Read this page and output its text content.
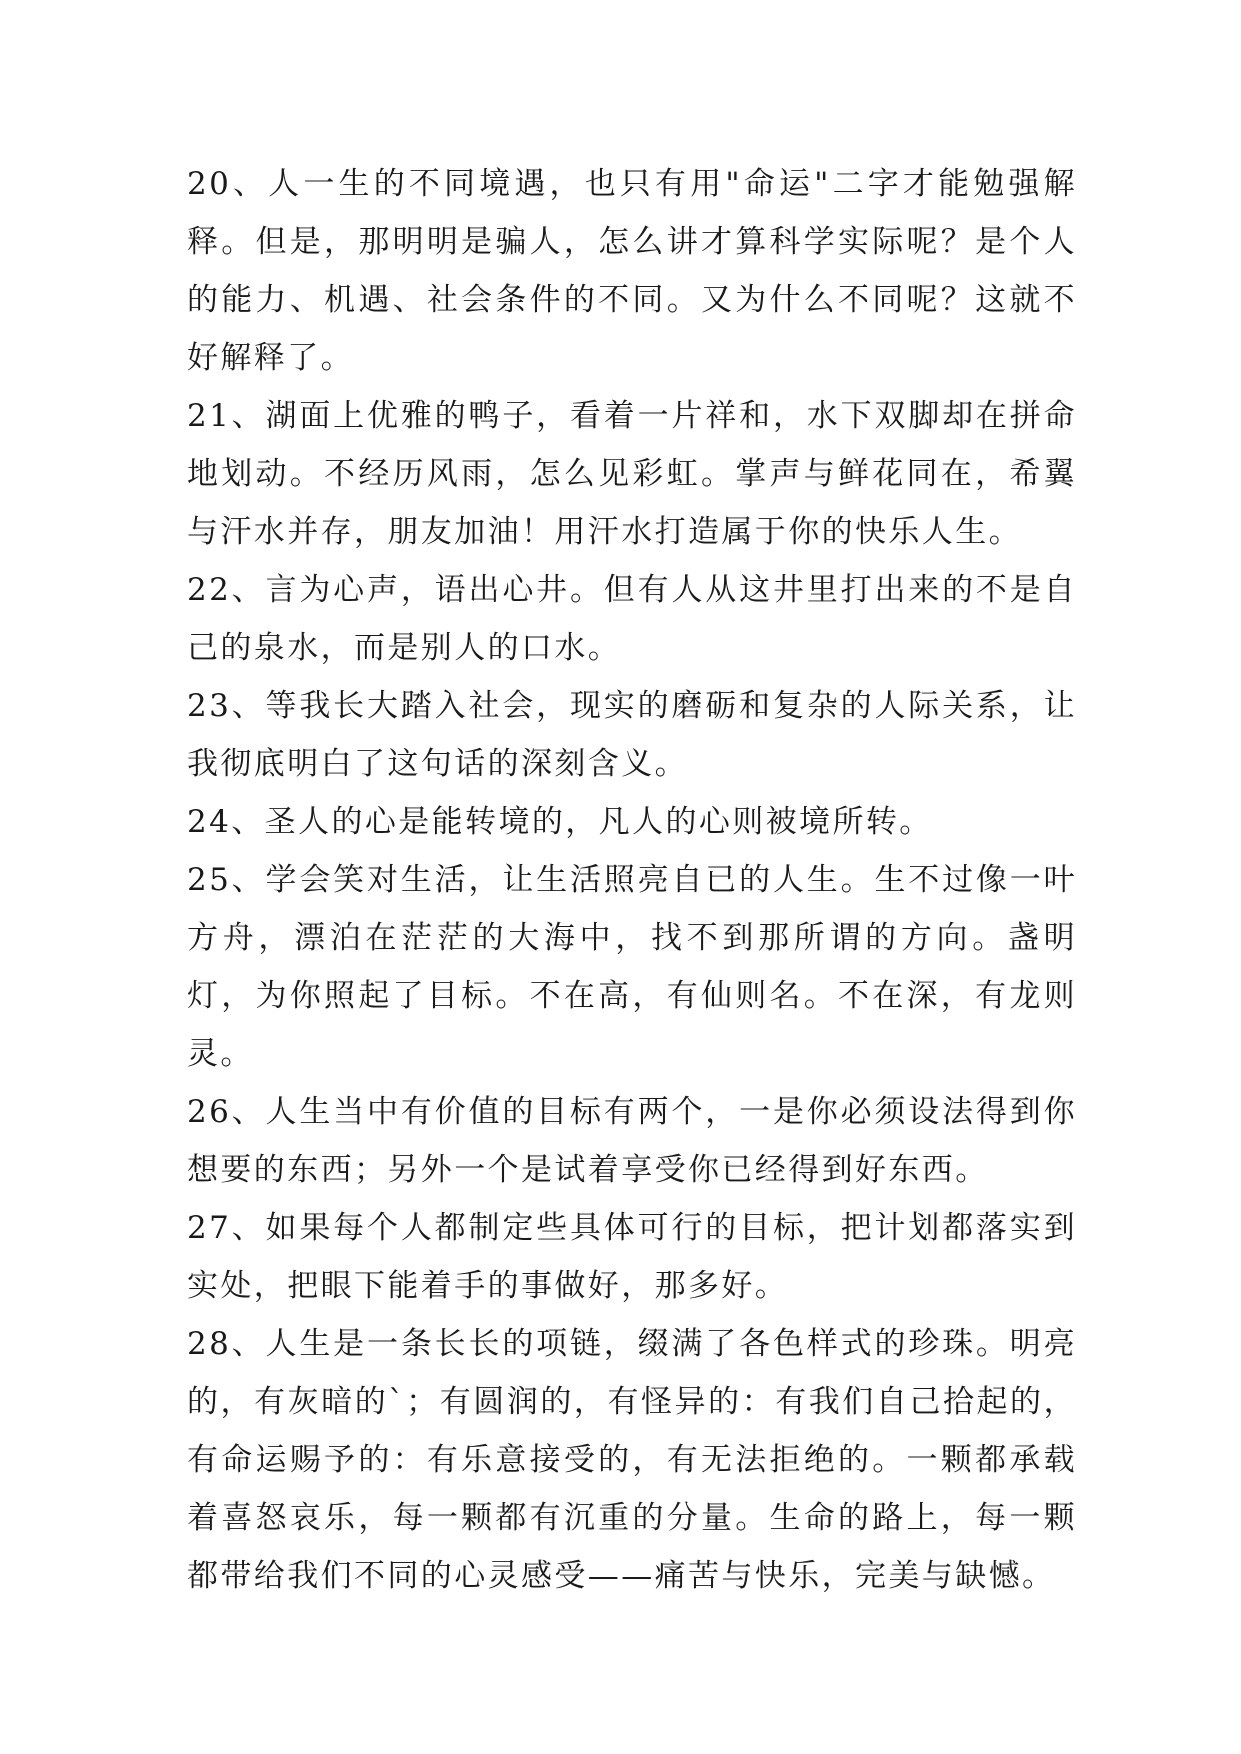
20、人一生的不同境遇，也只有用"命运"二字才能勉强解释。但是，那明明是骗人，怎么讲才算科学实际呢？是个人的能力、机遇、社会条件的不同。又为什么不同呢？这就不好解释了。

21、湖面上优雅的鸭子，看着一片祥和，水下双脚却在拼命地划动。不经历风雨，怎么见彩虹。掌声与鲜花同在，希翼与汗水并存，朋友加油！用汗水打造属于你的快乐人生。

22、言为心声，语出心井。但有人从这井里打出来的不是自己的泉水，而是别人的口水。

23、等我长大踏入社会，现实的磨砺和复杂的人际关系，让我彻底明白了这句话的深刻含义。

24、圣人的心是能转境的，凡人的心则被境所转。

25、学会笑对生活，让生活照亮自已的人生。生不过像一叶方舟，漂泊在茫茫的大海中，找不到那所谓的方向。盏明灯，为你照起了目标。不在高，有仙则名。不在深，有龙则灵。

26、人生当中有价值的目标有两个，一是你必须设法得到你想要的东西；另外一个是试着享受你已经得到好东西。

27、如果每个人都制定些具体可行的目标，把计划都落实到实处，把眼下能着手的事做好，那多好。

28、人生是一条长长的项链，缀满了各色样式的珍珠。明亮的，有灰暗的`；有圆润的，有怪异的：有我们自己拾起的，有命运赐予的：有乐意接受的，有无法拒绝的。一颗都承载着喜怒哀乐，每一颗都有沉重的分量。生命的路上，每一颗都带给我们不同的心灵感受——痛苦与快乐，完美与缺憾。
